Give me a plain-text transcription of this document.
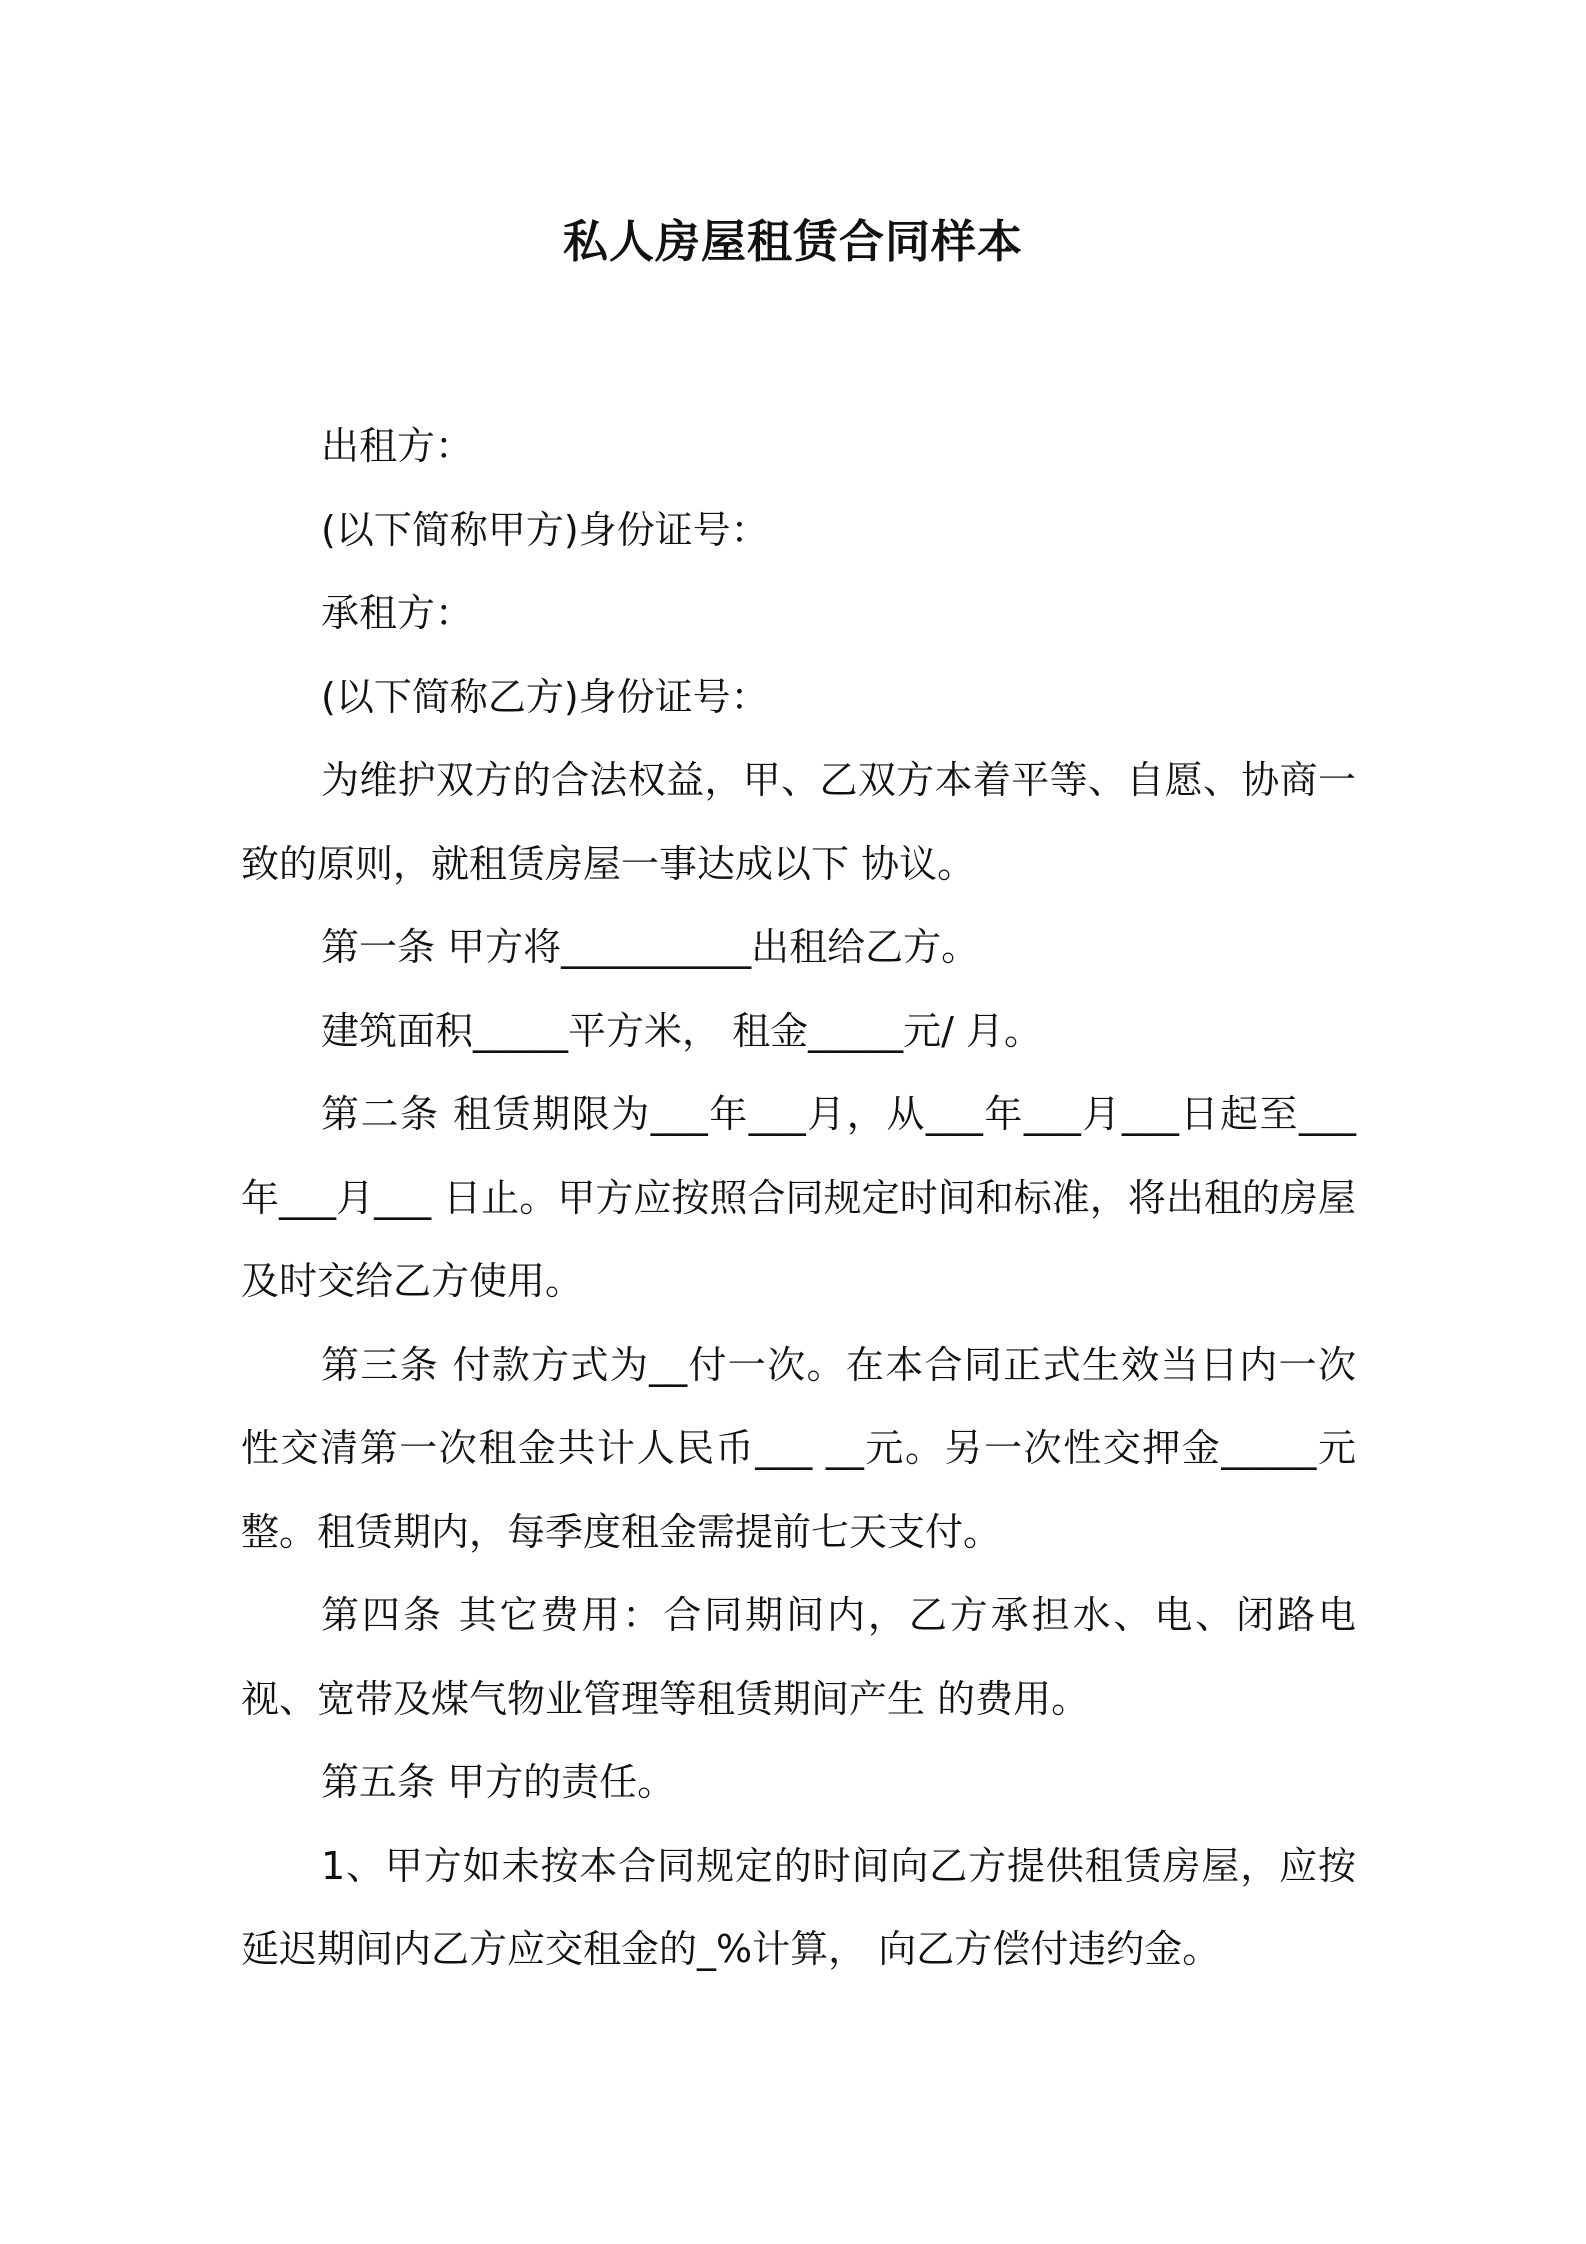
私人房屋租赁合同样本

出租方：

(以下简称甲方)身份证号：

承租方：

(以下简称乙方)身份证号：

为维护双方的合法权益，甲、乙双方本着平等、自愿、协商一致的原则，就租赁房屋一事达成以下 协议。

第一条 甲方将__________出租给乙方。

建筑面积_____平方米， 租金_____元/ 月。

第二条 租赁期限为___年___月，从___年___月___日起至___年___月___ 日止。甲方应按照合同规定时间和标准，将出租的房屋及时交给乙方使用。

第三条 付款方式为__付一次。在本合同正式生效当日内一次性交清第一次租金共计人民币___ __元。另一次性交押金_____元整。租赁期内，每季度租金需提前七天支付。

第四条 其它费用：合同期间内，乙方承担水、电、闭路电视、宽带及煤气物业管理等租赁期间产生 的费用。

第五条 甲方的责任。

1、甲方如未按本合同规定的时间向乙方提供租赁房屋，应按延迟期间内乙方应交租金的_%计算， 向乙方偿付违约金。
